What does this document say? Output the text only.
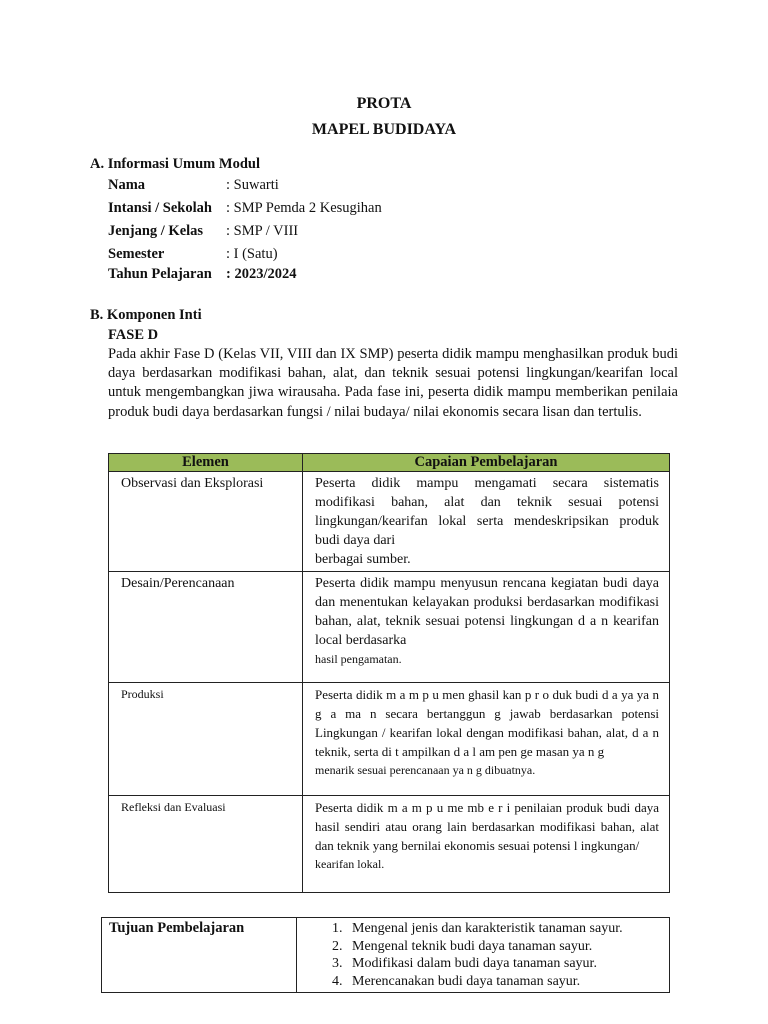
PROTA
MAPEL BUDIDAYA
A. Informasi Umum Modul
Nama	: Suwarti
Intansi / Sekolah : SMP Pemda 2 Kesugihan
Jenjang / Kelas : SMP / VIII
Semester	: I (Satu)
Tahun Pelajaran : 2023/2024
B. Komponen Inti
FASE D
Pada akhir Fase D (Kelas VII, VIII dan IX SMP) peserta didik mampu menghasilkan produk budi daya berdasarkan modifikasi bahan, alat, dan teknik sesuai potensi lingkungan/kearifan local untuk mengembangkan jiwa wirausaha. Pada fase ini, peserta didik mampu memberikan penilaia produk budi daya berdasarkan fungsi / nilai budaya/ nilai ekonomis secara lisan dan tertulis.
Elemen	Capaian Pembelajaran
Observasi dan Eksplorasi	Peserta didik mampu mengamati secara sistematis modifikasi bahan, alat dan teknik sesuai potensi lingkungan/kearifan lokal serta mendeskripsikan produk budi daya dari
berbagai sumber.

Desain/Perencanaan	Peserta didik mampu menyusun rencana kegiatan budi daya dan menentukan kelayakan produksi berdasarkan modifikasi bahan, alat, teknik sesuai potensi lingkungan d a n kearifan local berdasarka
hasil pengamatan.

Produksi	Peserta didik m a m p u men ghasil kan p r o duk budi d a ya ya n g a ma n secara bertanggun g jawab berdasarkan potensi Lingkungan / kearifan lokal dengan modifikasi bahan, alat, d a n teknik, serta di t ampilkan d a l am pen ge masan ya n g
menarik sesuai perencanaan ya n g dibuatnya.

Refleksi dan Evaluasi	Peserta didik m a m p u me mb e r i penilaian produk budi daya hasil sendiri atau orang lain berdasarkan modifikasi bahan, alat dan teknik yang bernilai ekonomis sesuai potensi l ingkungan/
kearifan lokal.
Tujuan Pembelajaran	
1.Mengenal jenis dan karakteristik tanaman sayur.
2. Mengenal teknik budi daya tanaman sayur.
3. Modifikasi dalam budi daya tanaman sayur.
4. Merencanakan budi daya tanaman sayur.
